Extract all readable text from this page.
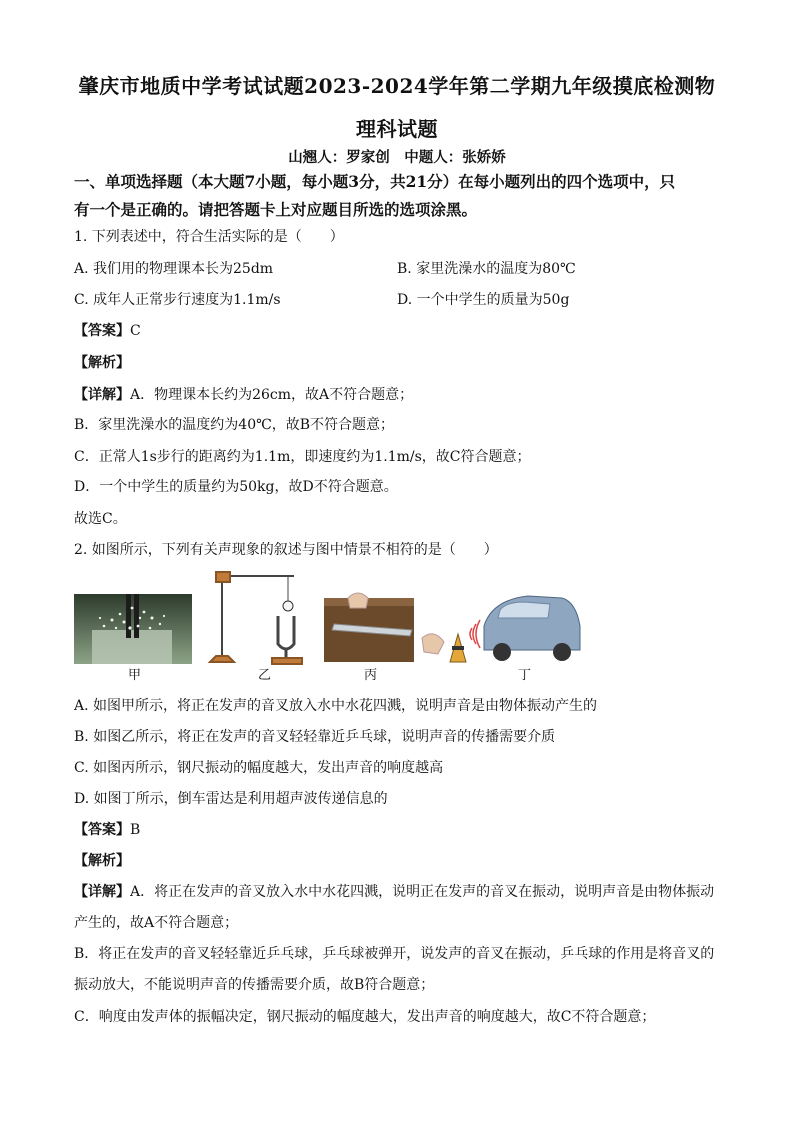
肇庆市地质中学考试试题2023-2024学年第二学期九年级摸底检测物
理科试题
山翘人：罗家创　中题人：张娇娇
一、单项选择题（本大题7小题，每小题3分，共21分）在每小题列出的四个选项中，只
有一个是正确的。请把答题卡上对应题目所选的选项涂黑。
1. 下列表述中，符合生活实际的是（　　）
A. 我们用的物理课本长为25dm	B. 家里洗澡水的温度为80℃
C. 成年人正常步行速度为1.1m/s	D. 一个中学生的质量为50g
【答案】C
【解析】
【详解】A．物理课本长约为26cm，故A不符合题意；
B．家里洗澡水的温度约为40℃，故B不符合题意；
C．正常人1s步行的距离约为1.1m，即速度约为1.1m/s，故C符合题意；
D．一个中学生的质量约为50kg，故D不符合题意。
故选C。
2. 如图所示，下列有关声现象的叙述与图中情景不相符的是（　　）
甲	乙	丙	丁
A. 如图甲所示，将正在发声的音叉放入水中水花四溅，说明声音是由物体振动产生的
B. 如图乙所示，将正在发声的音叉轻轻靠近乒乓球，说明声音的传播需要介质
C. 如图丙所示，钢尺振动的幅度越大，发出声音的响度越高
D. 如图丁所示，倒车雷达是利用超声波传递信息的
【答案】B
【解析】
【详解】A．将正在发声的音叉放入水中水花四溅，说明正在发声的音叉在振动，说明声音是由物体振动
产生的，故A不符合题意；
B．将正在发声的音叉轻轻靠近乒乓球，乒乓球被弹开，说发声的音叉在振动，乒乓球的作用是将音叉的
振动放大，不能说明声音的传播需要介质，故B符合题意；
C．响度由发声体的振幅决定，钢尺振动的幅度越大，发出声音的响度越大，故C不符合题意；
